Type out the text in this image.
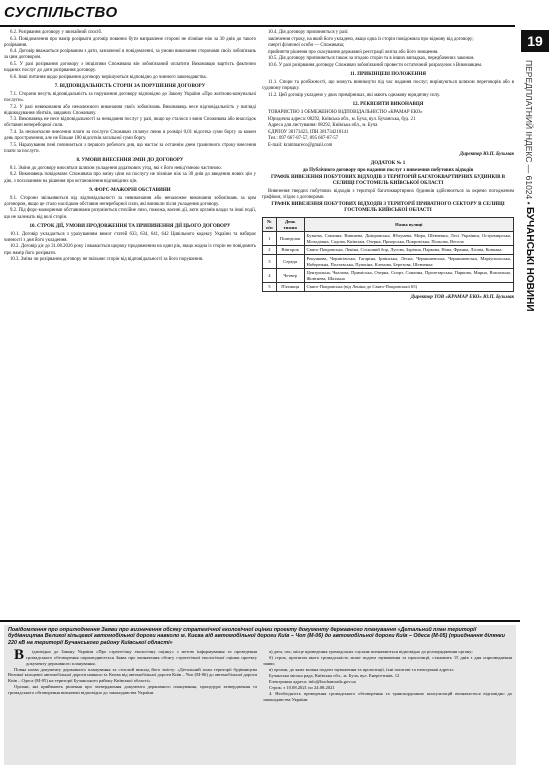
СУСПІЛЬСТВО
19
ПЕРЕДПЛАТНИЙ ІНДЕКС — 61024 • БУЧАНСЬКІ НОВИНИ

6.2. Розірвання договору у звичайний спосіб.

6.3. Повідомлення про намір розірвати договір повинно бути направлене стороні не пізніше ніж за 30 днів до такого розірвання.

6.4. Договір вважається розірваним з дати, зазначеної в повідомленні, за умови виконання сторонами своїх зобов'язань за цим договором.

6.5. У разі розірвання договору з ініціативи Споживача він зобов'язаний оплатити Виконавцю вартість фактично наданих послуг до дати розірвання договору.

6.6. Інші питання щодо розірвання договору вирішуються відповідно до чинного законодавства.

7. ВІДПОВІДАЛЬНІСТЬ СТОРІН ЗА ПОРУШЕННЯ ДОГОВОРУ

7.1. Сторони несуть відповідальність за порушення договору відповідно до Закону України «Про житлово-комунальні послуги».

7.2. У разі невиконання або неналежного виконання своїх зобов'язань Виконавець несе відповідальність у вигляді відшкодування збитків, завданих Споживачу.

7.3. Виконавець не несе відповідальності за ненадання послуг у разі, якщо це сталося з вини Споживача або внаслідок обставин непереборної сили.

7.4. За несвоєчасне внесення плати за послуги Споживач сплачує пеню в розмірі 0,01 відсотка суми боргу за кожен день прострочення, але не більше 100 відсотків загальної суми боргу.

7.5. Нарахування пені починається з першого робочого дня, що настає за останнім днем граничного строку внесення плати за послуги.

8. УМОВИ ВНЕСЕННЯ ЗМІН ДО ДОГОВОРУ

8.1. Зміни до договору вносяться шляхом укладення додаткових угод, які є його невід'ємною частиною.

8.2. Виконавець повідомляє Споживача про зміну ціни на послугу не пізніше ніж за 30 днів до введення нових цін у дію, з посиланням на рішення про встановлення відповідних цін.

9. ФОРС-МАЖОРНІ ОБСТАВИНИ

9.1. Сторони звільняються від відповідальності за невиконання або неналежне виконання зобов'язань за цим договором, якщо це стало наслідком обставин непереборної сили, які виникли після укладення договору.

9.2. Під форс-мажорними обставинами розуміються стихійне лихо, пожежа, воєнні дії, акти органів влади та інші події, що не залежать від волі сторін.

10. СТРОК ДІЇ, УМОВИ ПРОДОВЖЕННЯ ТА ПРИПИНЕННЯ ДІЇ ЦЬОГО ДОГОВОРУ

10.1. Договір укладається з урахуванням вимог статей 633, 634, 641, 642 Цивільного кодексу України та набирає чинності з дня його укладення.

10.2. Договір діє до 31.08.2026 року і вважається щороку продовженим на один рік, якщо жодна із сторін не повідомить про намір його розірвати.

10.3. Зміна чи розірвання договору не звільняє сторін від відповідальності за його порушення.

10.4. Дія договору припиняється у разі:

закінчення строку, на який його укладено, якщо одна із сторін повідомила про відмову від договору;

смерті фізичної особи — Споживача;

прийняття рішення про скасування державної реєстрації житла або його знищення.

10.5. Дія договору припиняється також за згодою сторін та в інших випадках, передбачених законом.

10.6. У разі розірвання договору Споживач зобов'язаний провести остаточний розрахунок з Виконавцем.

11. ПРИКІНЦЕВІ ПОЛОЖЕННЯ

11.1. Спори та розбіжності, що можуть виникнути під час надання послуг, вирішуються шляхом переговорів або в судовому порядку.

11.2. Цей договір укладено у двох примірниках, які мають однакову юридичну силу.

12. РЕКВІЗИТИ ВИКОНАВЦЯ

ТОВАРИСТВО З ОБМЕЖЕНОЮ ВІДПОВІДАЛЬНІСТЮ «КРАМАР ЕКО»

Юридична адреса: 08292, Київська обл., м. Буча, вул. Бучанська, буд. 21

Адреса для листування: 08292, Київська обл., м. Буча

ЄДРПОУ 38173423, ІПН 381734210141

Тел.: 097 667-87-57, 095 667-87-57

E-mail: krammareco@gmail.com

Директор Ю.П. Бузьмак
ДОДАТОК № 1
до Публічного договору про надання послуг з вивезення побутових відходів
ГРАФІК ВИВЕЗЕННЯ ПОБУТОВИХ ВІДХОДІВ З ТЕРИТОРІЙ БАГАТОКВАРТИРНИХ БУДИНКІВ В СЕЛИЩІ ГОСТОМЕЛЬ КИЇВСЬКОЇ ОБЛАСТІ

Вивезення твердих побутових відходів з території багатоквартирних будинків здійснюється за окремо погодженим графіком, згідно з договорами.

ГРАФІК ВИВЕЗЕННЯ ПОБУТОВИХ ВІДХОДІВ З ТЕРИТОРІЇ ПРИВАТНОГО СЕКТОРУ В СЕЛИЩІ ГОСТОМЕЛЬ КИЇВСЬКОЇ ОБЛАСТІ
№ п/п	День тижня	Назва вулиці
1	Понеділок	Бузкова, Сонячна, Вишнева, Дніпровська, Яблунева, Мира, Шевченка, Лесі Українки, Остромирська, Молодіжна, Садова, Київська, Озерна, Приорська, Покровська, Польова, Весела
2	Вівторок	Свято-Покровська, Леніна, Сосновий бор, Лугова, Зарічна, Паркова, Нова, Франка, Лісова, Ковпака
3	Середа	Рекункова, Чернігівська, Гагаріна, Ірпінська, Лесна, Чернишевська, Чернишовська, Маріупольська, Набережна, Полтавська, Пушкіна, Кленова, Березова, Шевченка
4	Четвер	Центральна, Чкалова, Приміська, Озерна, Спорт, Сонячна, Пролетарська, Паркова, Мирна, Вокзальна, Жовтнева, Шкільна
5	П'ятниця	Свято-Покровська (від Леніна до Свято-Покровської 65)
Директор ТОВ «КРАМАР ЕКО» Ю.П. Бузьмак
Повідомлення про оприлюднення Заяви про визначення обсягу стратегічної екологічної оцінки проекту документу державного планування «Детальний план території будівництва Великої кільцевої автомобільної дороги навколо м. Києва від автомобільної дороги Київ – Чоп (М-06) до автомобільної дороги Київ – Одеса (М-05) (приєднання ділянки 220 кВ на території Бучанського району Київської області»

В ідповідно до Закону України «Про стратегічну екологічну оцінку» з метою інформування та проведення громадського обговорення оприлюднюється Заява про визначення обсягу стратегічної екологічної оцінки проекту документу державного планування.

Повна назва документу державного планування та стислий виклад його змісту: «Детальний план території будівництва Великої кільцевої автомобільної дороги навколо м. Києва від автомобільної дороги Київ – Чоп (М-06) до автомобільної дороги Київ – Одеса (М-05) на території Бучанського району Київської області».

Органи, які приймають рішення про затвердження документа державного планування, процедура затвердження та громадського обговорення визначені відповідно до законодавства України.

а) дата, час, місце проведення громадських слухань визначаються відповідно до розпорядження органу;

б) строк, протягом якого громадськість може подати зауваження та пропозиції, становить 15 днів з дня оприлюднення заяви;

в) органи, до яких можна подати зауваження та пропозиції, їхні поштові та електронні адреси:

Бучанська міська рада, Київська обл., м. Буча, вул. Енергетиків, 12

Електронна адреса: info@buchamrada.gov.ua

Строк: з 10.08.2021 по 24.08.2021

4. Необхідність проведення громадського обговорення та транскордонних консультацій визначається відповідно до законодавства України.
